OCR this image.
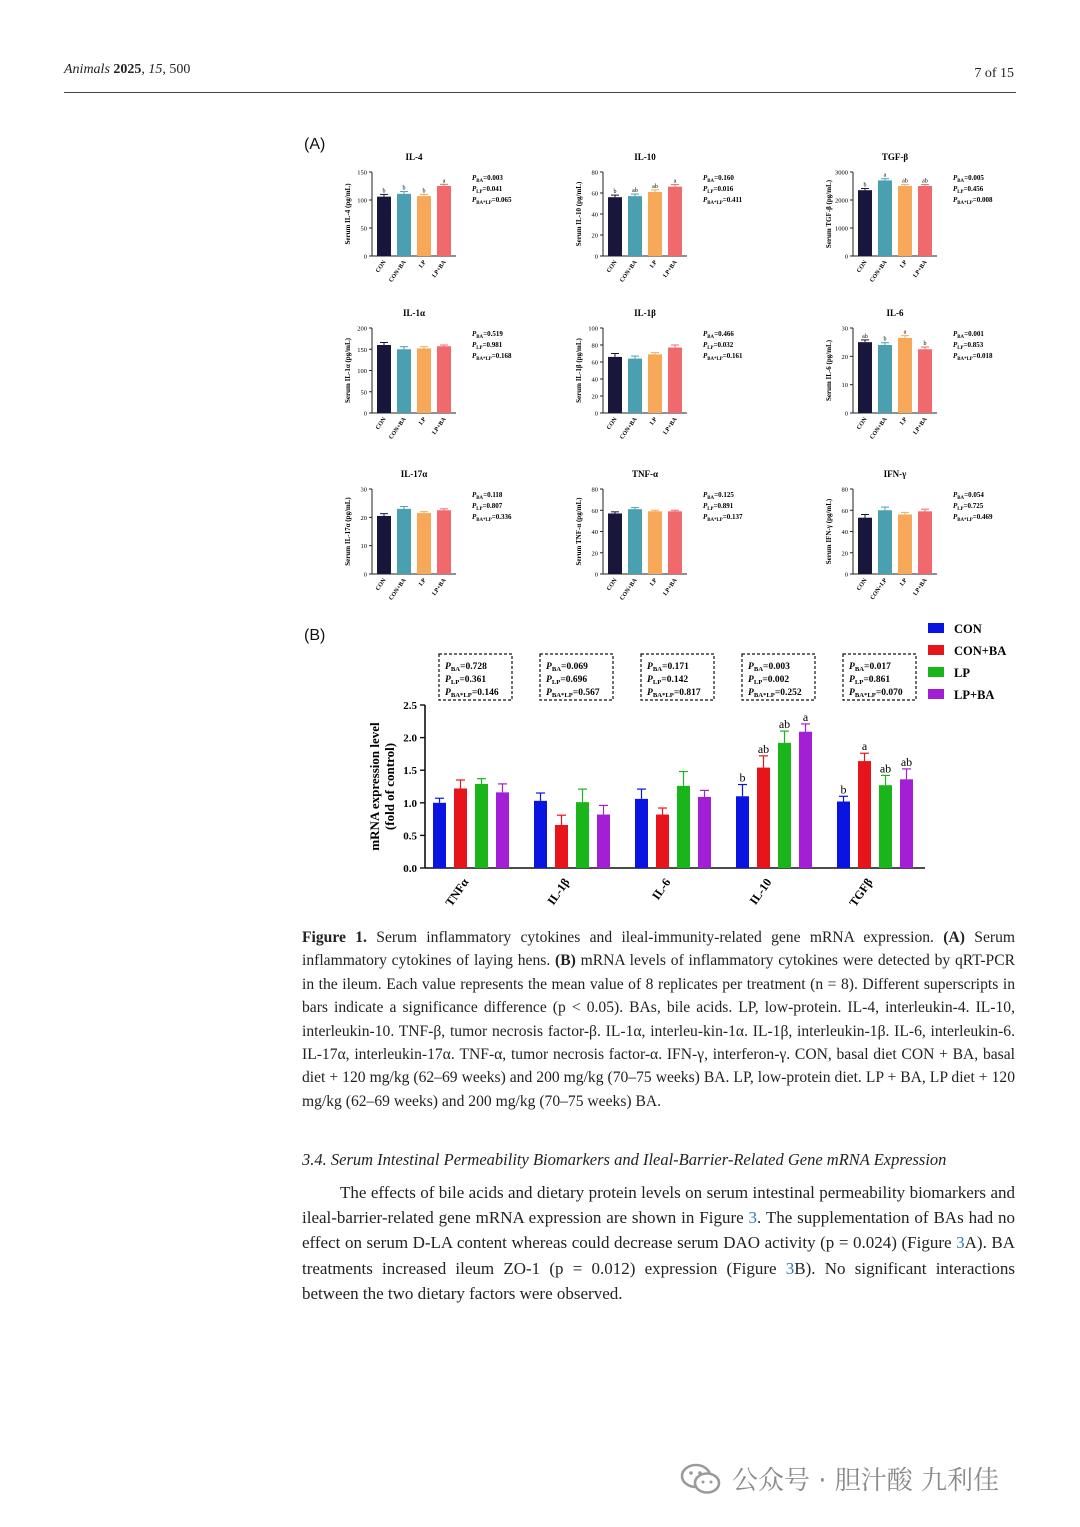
Animals 2025, 15, 500	7 of 15
(A)
(B)
IL-4
0
50
100
150
Serum IL-4 (pg/mL)	b
CON
b
CON+BA
b
LP
a
LP+BA
$P_{BA}=0.003$
$P_{LP}=0.041$
$P_{BA*LP}=0.065$
IL-10
0
20
40
60
80
Serum IL-10 (pg/mL)	b
CON
ab
CON+BA
ab
LP
a
LP+BA
$P_{BA}=0.160$
$P_{LP}=0.016$
$P_{BA*LP}=0.411$
TGF-β
0
1000
2000
3000
Serum TGF-β (pg/mL)	b
CON
a
CON+BA
ab
LP
ab
LP+BA
$P_{BA}=0.005$
$P_{LP}=0.456$
$P_{BA*LP}=0.008$
IL-1α
0
50
100
150
200
Serum IL-1α (pg/mL)
CON CON+BA LP LP+BA
$P_{BA}=0.519$
$P_{LP}=0.981$
$P_{BA*LP}=0.168$
IL-1β
0
20
40
60
80
100
Serum IL-1β (pg/mL)
CON CON+BA LP LP+BA
$P_{BA}=0.466$
$P_{LP}=0.032$
$P_{BA*LP}=0.161$
IL-6
0
10
20
30
Serum IL-6 (pg/mL)
ab
CON
b
CON+BA
a
LP
b
LP+BA
$P_{BA}=0.001$
$P_{LP}=0.853$
$P_{BA*LP}=0.018$
IL-17α
0
10
20
30
Serum IL-17α (pg/mL)
CON CON+BA LP LP+BA
$P_{BA}=0.118$
$P_{LP}=0.807$
$P_{BA*LP}=0.336$
TNF-α
0
20
40
60
80
Serum TNF-α (pg/mL)
CON CON+BA LP LP+BA
$P_{BA}=0.125$
$P_{LP}=0.891$
$P_{BA*LP}=0.137$
IFN-γ
0
20
40
60
80
Serum IFN-γ (pg/mL)
CON CON+LP LP LP+BA
$P_{BA}=0.054$
$P_{LP}=0.725$
$P_{BA*LP}=0.469$
0.0
0.5
1.0
1.5
2.0
2.5
mRNA expression level (fold of control)
TNFα
$P_{BA}=0.728$
$P_{LP}=0.361$
$P_{BA*LP}=0.146$
IL-1β
$P_{BA}=0.069$
$P_{LP}=0.696$
$P_{BA*LP}=0.567$
IL-6
$P_{BA}=0.171$
$P_{LP}=0.142$
$P_{BA*LP}=0.817$
b
ab
ab
a
IL-10
$P_{BA}=0.003$
$P_{LP}=0.002$
$P_{BA*LP}=0.252$
b
a
ab ab
TGFβ
$P_{BA}=0.017$
$P_{LP}=0.861$
$P_{BA*LP}=0.070$
CON
CON+BA
LP
LP+BA
Figure 1. Serum inflammatory cytokines and ileal-immunity-related gene mRNA expression. (A) Serum inflammatory cytokines of laying hens. (B) mRNA levels of inflammatory cytokines were detected by qRT-PCR in the ileum. Each value represents the mean value of 8 replicates per treatment (n = 8). Different superscripts in bars indicate a significance difference (p < 0.05). BAs, bile acids. LP, low-protein. IL-4, interleukin-4. IL-10, interleukin-10. TNF-β, tumor necrosis factor-β. IL-1α, interleu-kin-1α. IL-1β, interleukin-1β. IL-6, interleukin-6. IL-17α, interleukin-17α. TNF-α, tumor necrosis factor-α. IFN-γ, interferon-γ. CON, basal diet CON + BA, basal diet + 120 mg/kg (62–69 weeks) and 200 mg/kg (70–75 weeks) BA. LP, low-protein diet. LP + BA, LP diet + 120 mg/kg (62–69 weeks) and 200 mg/kg (70–75 weeks) BA.
3.4. Serum Intestinal Permeability Biomarkers and Ileal-Barrier-Related Gene mRNA Expression
The effects of bile acids and dietary protein levels on serum intestinal permeability biomarkers and ileal-barrier-related gene mRNA expression are shown in Figure 3. The supplementation of BAs had no effect on serum D-LA content whereas could decrease serum DAO activity (p = 0.024) (Figure 3A). BA treatments increased ileum ZO-1 (p = 0.012) expression (Figure 3B). No significant interactions between the two dietary factors were observed.
公众号 · 胆汁酸 九利佳
